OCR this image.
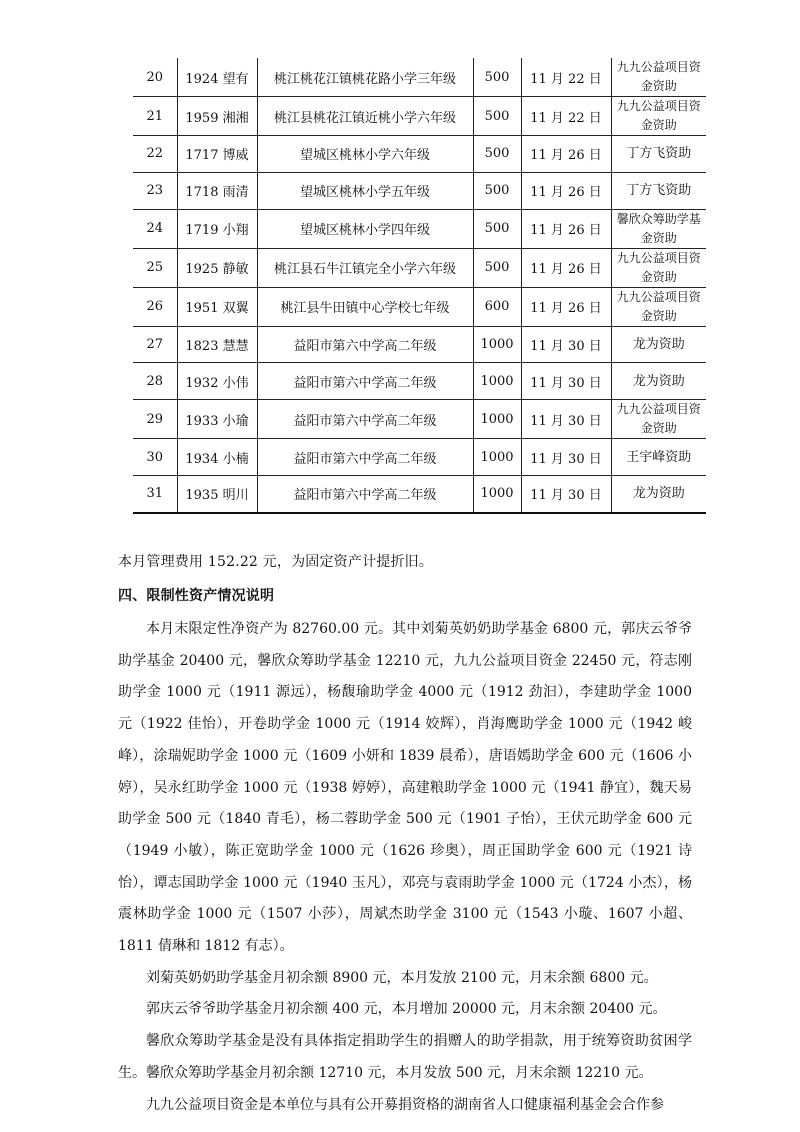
20	1924 望有	桃江桃花江镇桃花路小学三年级	500	11 月 22 日	九九公益项目资金资助
21	1959 湘湘	桃江县桃花江镇近桃小学六年级	500	11 月 22 日	九九公益项目资金资助
22	1717 博威	望城区桃林小学六年级	500	11 月 26 日	丁方飞资助
23	1718 雨清	望城区桃林小学五年级	500	11 月 26 日	丁方飞资助
24	1719 小翔	望城区桃林小学四年级	500	11 月 26 日	馨欣众筹助学基金资助
25	1925 静敏	桃江县石牛江镇完全小学六年级	500	11 月 26 日	九九公益项目资金资助
26	1951 双翼	桃江县牛田镇中心学校七年级	600	11 月 26 日	九九公益项目资金资助
27	1823 慧慧	益阳市第六中学高二年级	1000	11 月 30 日	龙为资助
28	1932 小伟	益阳市第六中学高二年级	1000	11 月 30 日	龙为资助
29	1933 小瑜	益阳市第六中学高二年级	1000	11 月 30 日	九九公益项目资金资助
30	1934 小楠	益阳市第六中学高二年级	1000	11 月 30 日	王宇峰资助
31	1935 明川	益阳市第六中学高二年级	1000	11 月 30 日	龙为资助
本月管理费用 152.22 元，为固定资产计提折旧。
四、限制性资产情况说明

本月末限定性净资产为 82760.00 元。其中刘菊英奶奶助学基金 6800 元，郭庆云爷爷助学基金 20400 元，馨欣众筹助学基金 12210 元，九九公益项目资金 22450 元，符志刚助学金 1000 元（1911 源远），杨馥瑜助学金 4000 元（1912 劲汩），李建助学金 1000 元（1922 佳怡），开卷助学金 1000 元（1914 姣辉），肖海鹰助学金 1000 元（1942 峻峰），涂瑞妮助学金 1000 元（1609 小妍和 1839 晨希），唐语嫣助学金 600 元（1606 小婷），吴永红助学金 1000 元（1938 婷婷），高建粮助学金 1000 元（1941 静宜），魏天易助学金 500 元（1840 青毛），杨二蓉助学金 500 元（1901 子怡），王伏元助学金 600 元（1949 小敏），陈正宽助学金 1000 元（1626 珍奥），周正国助学金 600 元（1921 诗怡），谭志国助学金 1000 元（1940 玉凡），邓亮与袁雨助学金 1000 元（1724 小杰），杨震林助学金 1000 元（1507 小莎），周斌杰助学金 3100 元（1543 小璇、1607 小超、1811 倩琳和 1812 有志）。

刘菊英奶奶助学基金月初余额 8900 元，本月发放 2100 元，月末余额 6800 元。

郭庆云爷爷助学基金月初余额 400 元，本月增加 20000 元，月末余额 20400 元。

馨欣众筹助学基金是没有具体指定捐助学生的捐赠人的助学捐款，用于统筹资助贫困学生。馨欣众筹助学基金月初余额 12710 元，本月发放 500 元，月末余额 12210 元。

九九公益项目资金是本单位与具有公开募捐资格的湖南省人口健康福利基金会合作参
